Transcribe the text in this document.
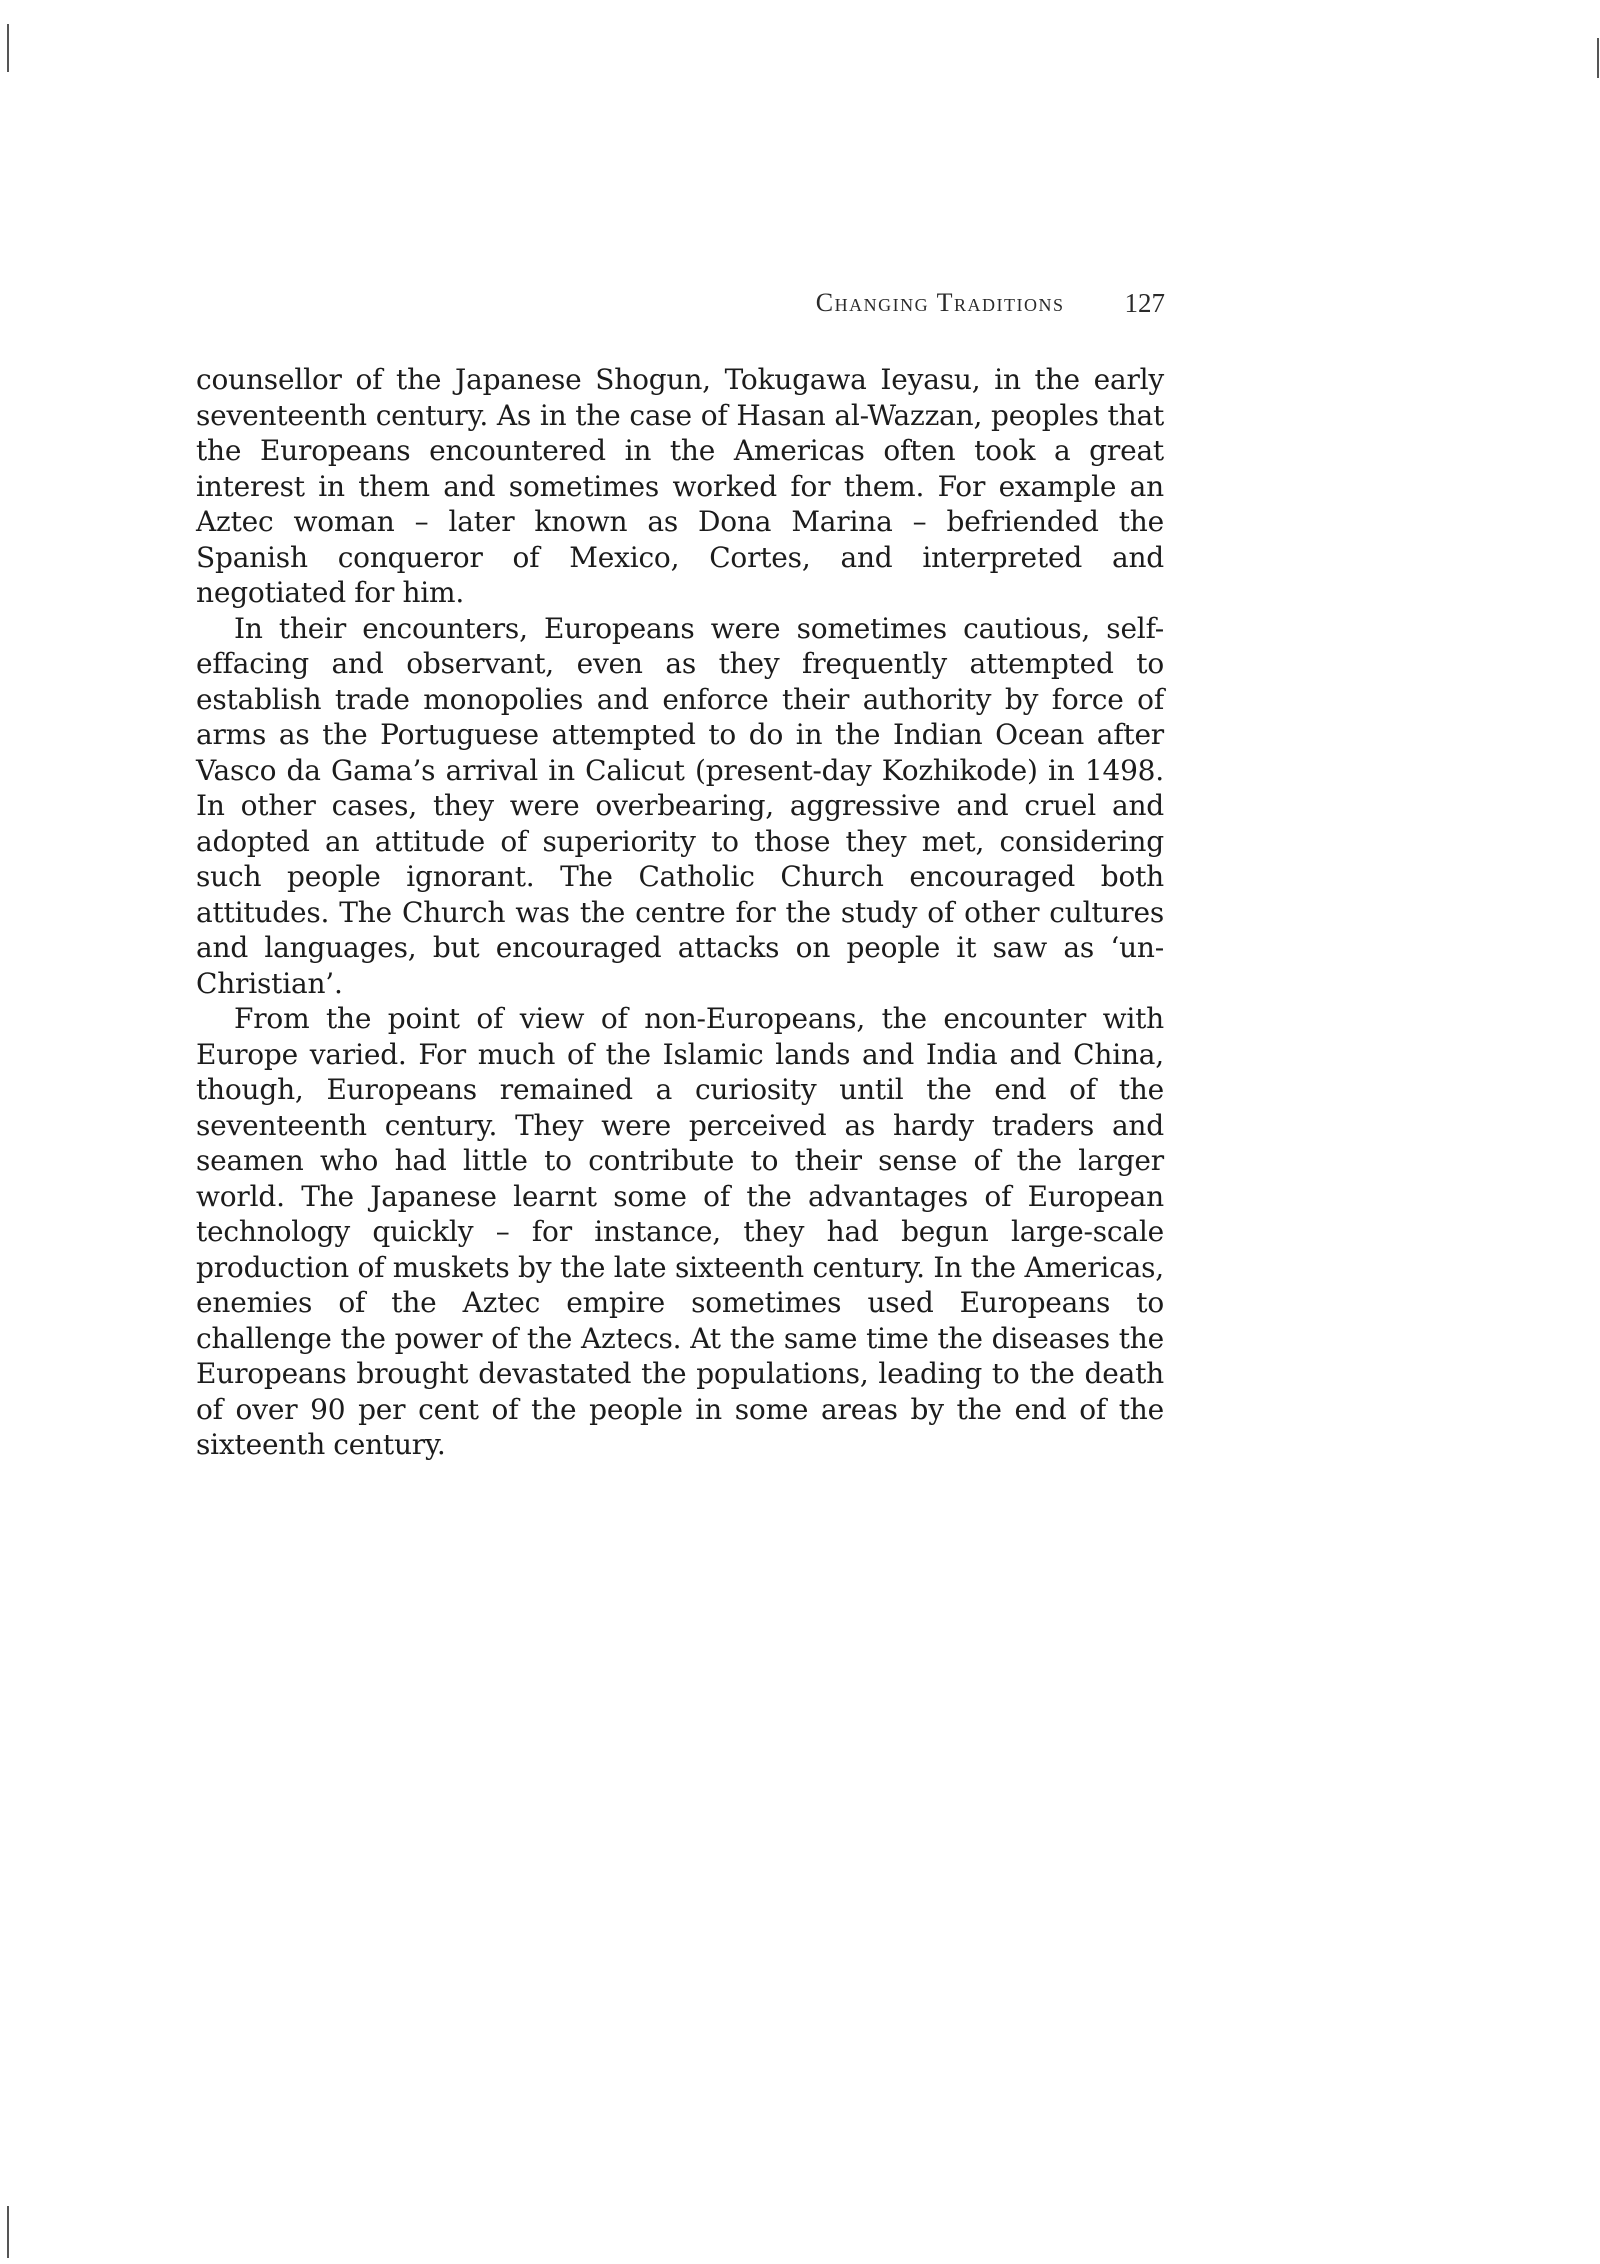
Changing Traditions 127

counsellor of the Japanese Shogun, Tokugawa Ieyasu, in the early seventeenth century. As in the case of Hasan al-Wazzan, peoples that the Europeans encountered in the Americas often took a great interest in them and sometimes worked for them. For example an Aztec woman – later known as Dona Marina – befriended the Spanish conqueror of Mexico, Cortes, and interpreted and negotiated for him.

In their encounters, Europeans were sometimes cautious, self-effacing and observant, even as they frequently attempted to establish trade monopolies and enforce their authority by force of arms as the Portuguese attempted to do in the Indian Ocean after Vasco da Gama’s arrival in Calicut (present-day Kozhikode) in 1498. In other cases, they were overbearing, aggressive and cruel and adopted an attitude of superiority to those they met, considering such people ignorant. The Catholic Church encouraged both attitudes. The Church was the centre for the study of other cultures and languages, but encouraged attacks on people it saw as ‘un-Christian’.

From the point of view of non-Europeans, the encounter with Europe varied. For much of the Islamic lands and India and China, though, Europeans remained a curiosity until the end of the seventeenth century. They were perceived as hardy traders and seamen who had little to contribute to their sense of the larger world. The Japanese learnt some of the advantages of European technology quickly – for instance, they had begun large-scale production of muskets by the late sixteenth century. In the Americas, enemies of the Aztec empire sometimes used Europeans to challenge the power of the Aztecs. At the same time the diseases the Europeans brought devastated the populations, leading to the death of over 90 per cent of the people in some areas by the end of the sixteenth century.
